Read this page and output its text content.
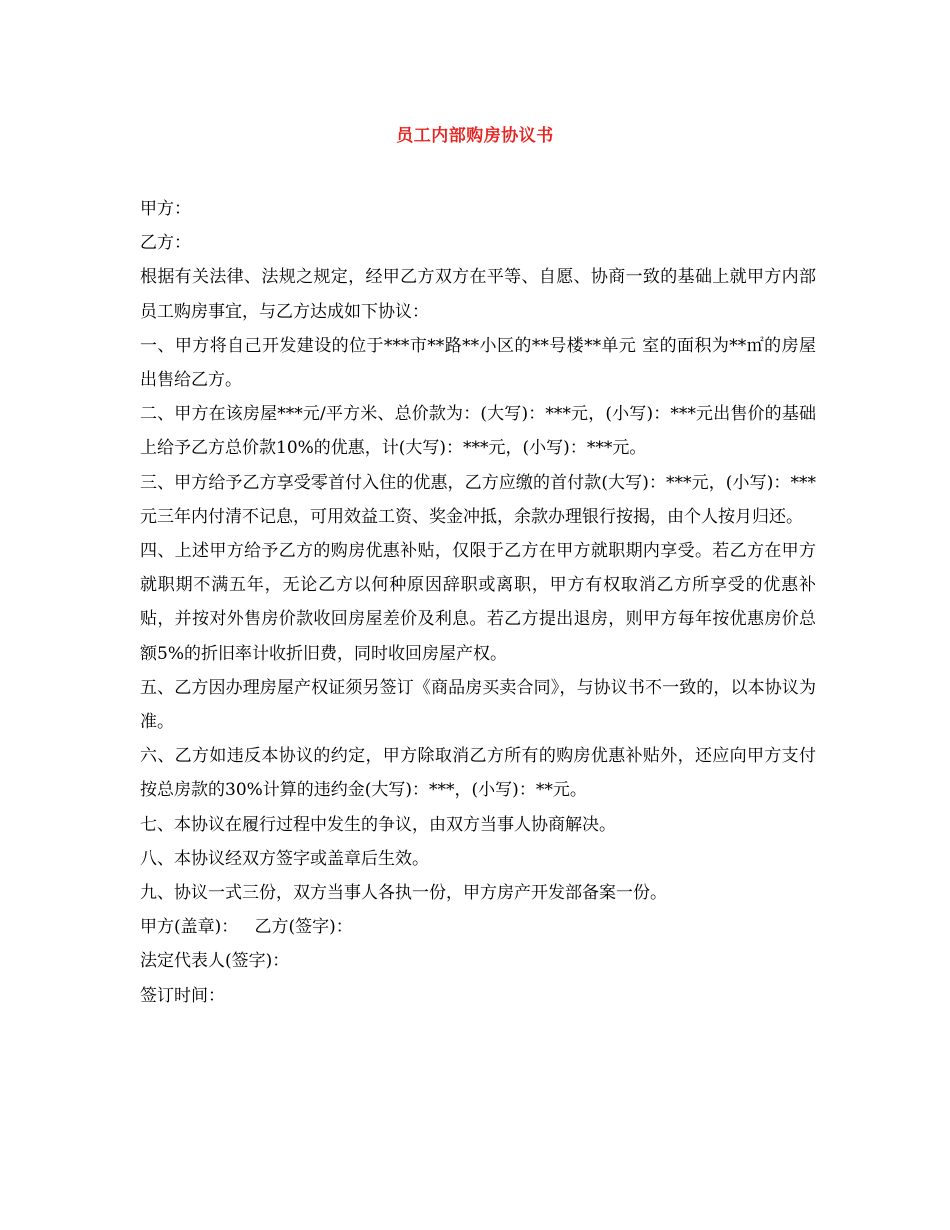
员工内部购房协议书

甲方：

乙方：

根据有关法律、法规之规定，经甲乙方双方在平等、自愿、协商一致的基础上就甲方内部员工购房事宜，与乙方达成如下协议：

一、甲方将自己开发建设的位于***市**路**小区的**号楼**单元 室的面积为**㎡的房屋出售给乙方。

二、甲方在该房屋***元/平方米、总价款为：(大写)：***元，(小写)：***元出售价的基础上给予乙方总价款10%的优惠，计(大写)：***元，(小写)：***元。

三、甲方给予乙方享受零首付入住的优惠，乙方应缴的首付款(大写)：***元，(小写)：***元三年内付清不记息，可用效益工资、奖金冲抵，余款办理银行按揭，由个人按月归还。

四、上述甲方给予乙方的购房优惠补贴，仅限于乙方在甲方就职期内享受。若乙方在甲方就职期不满五年，无论乙方以何种原因辞职或离职，甲方有权取消乙方所享受的优惠补贴，并按对外售房价款收回房屋差价及利息。若乙方提出退房，则甲方每年按优惠房价总额5%的折旧率计收折旧费，同时收回房屋产权。

五、乙方因办理房屋产权证须另签订《商品房买卖合同》，与协议书不一致的，以本协议为准。

六、乙方如违反本协议的约定，甲方除取消乙方所有的购房优惠补贴外，还应向甲方支付按总房款的30%计算的违约金(大写)：***，(小写)：**元。

七、本协议在履行过程中发生的争议，由双方当事人协商解决。

八、本协议经双方签字或盖章后生效。

九、协议一式三份，双方当事人各执一份，甲方房产开发部备案一份。

甲方(盖章)：   乙方(签字)：

法定代表人(签字)：

签订时间：
